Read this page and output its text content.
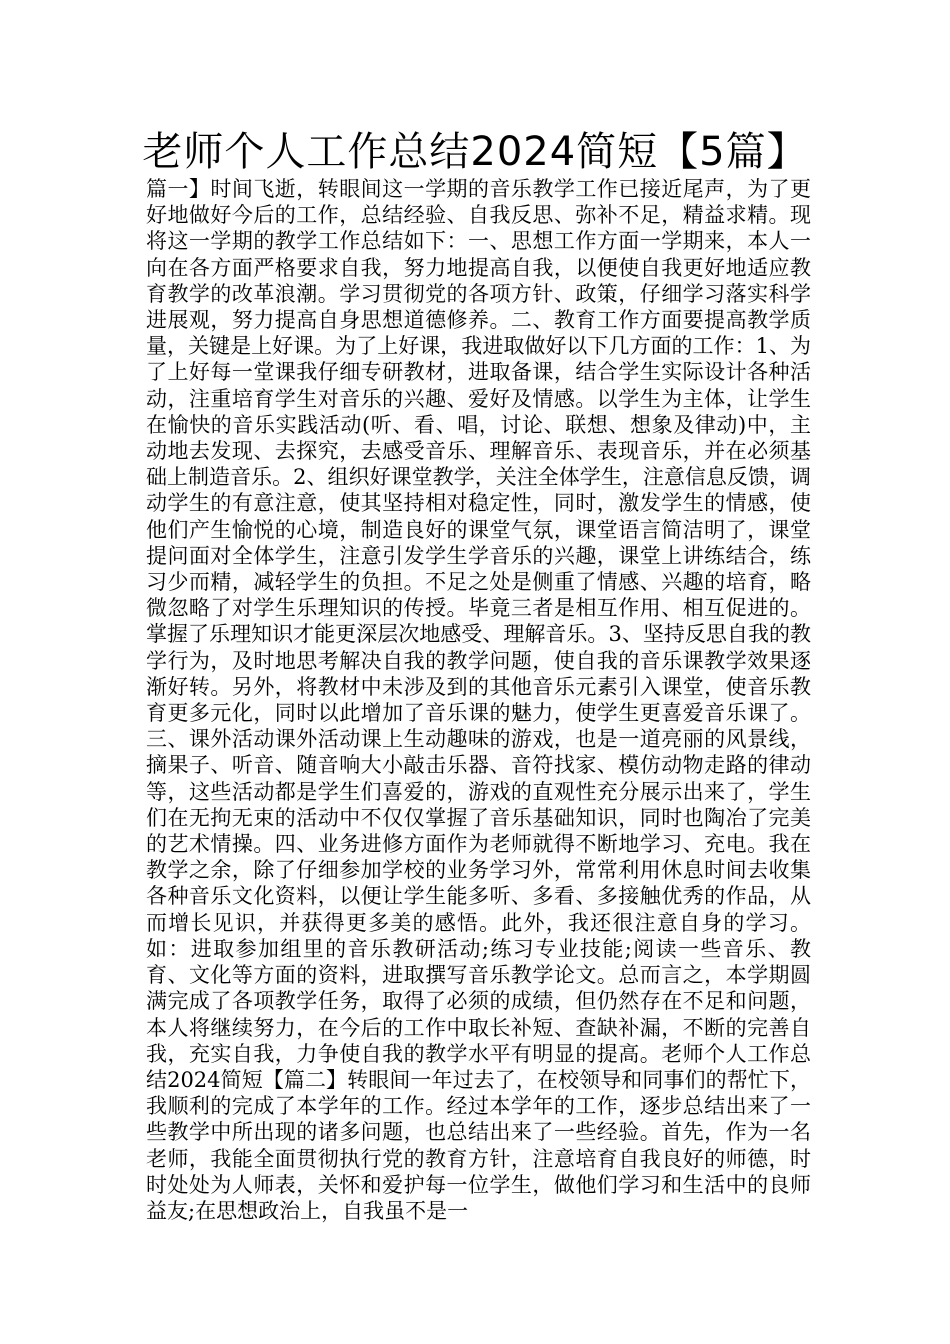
老师个人工作总结2024简短【5篇】

篇一】时间飞逝，转眼间这一学期的音乐教学工作已接近尾声，为了更好地做好今后的工作，总结经验、自我反思、弥补不足，精益求精。现将这一学期的教学工作总结如下：一、思想工作方面一学期来，本人一向在各方面严格要求自我，努力地提高自我，以便使自我更好地适应教育教学的改革浪潮。学习贯彻党的各项方针、政策，仔细学习落实科学进展观，努力提高自身思想道德修养。二、教育工作方面要提高教学质量，关键是上好课。为了上好课，我进取做好以下几方面的工作：1、为了上好每一堂课我仔细专研教材，进取备课，结合学生实际设计各种活动，注重培育学生对音乐的兴趣、爱好及情感。以学生为主体，让学生在愉快的音乐实践活动(听、看、唱，讨论、联想、想象及律动)中，主动地去发现、去探究，去感受音乐、理解音乐、表现音乐，并在必须基础上制造音乐。2、组织好课堂教学，关注全体学生，注意信息反馈，调动学生的有意注意，使其坚持相对稳定性，同时，激发学生的情感，使他们产生愉悦的心境，制造良好的课堂气氛，课堂语言简洁明了，课堂提问面对全体学生，注意引发学生学音乐的兴趣，课堂上讲练结合，练习少而精，减轻学生的负担。不足之处是侧重了情感、兴趣的培育，略微忽略了对学生乐理知识的传授。毕竟三者是相互作用、相互促进的。掌握了乐理知识才能更深层次地感受、理解音乐。3、坚持反思自我的教学行为，及时地思考解决自我的教学问题，使自我的音乐课教学效果逐渐好转。另外，将教材中未涉及到的其他音乐元素引入课堂，使音乐教育更多元化，同时以此增加了音乐课的魅力，使学生更喜爱音乐课了。三、课外活动课外活动课上生动趣味的游戏，也是一道亮丽的风景线，摘果子、听音、随音响大小敲击乐器、音符找家、模仿动物走路的律动等，这些活动都是学生们喜爱的，游戏的直观性充分展示出来了，学生们在无拘无束的活动中不仅仅掌握了音乐基础知识，同时也陶冶了完美的艺术情操。四、业务进修方面作为老师就得不断地学习、充电。我在教学之余，除了仔细参加学校的业务学习外，常常利用休息时间去收集各种音乐文化资料，以便让学生能多听、多看、多接触优秀的作品，从而增长见识，并获得更多美的感悟。此外，我还很注意自身的学习。如：进取参加组里的音乐教研活动;练习专业技能;阅读一些音乐、教育、文化等方面的资料，进取撰写音乐教学论文。总而言之，本学期圆满完成了各项教学任务，取得了必须的成绩，但仍然存在不足和问题，本人将继续努力，在今后的工作中取长补短、查缺补漏，不断的完善自我，充实自我，力争使自我的教学水平有明显的提高。老师个人工作总结2024简短【篇二】转眼间一年过去了，在校领导和同事们的帮忙下，我顺利的完成了本学年的工作。经过本学年的工作，逐步总结出来了一些教学中所出现的诸多问题，也总结出来了一些经验。首先，作为一名老师，我能全面贯彻执行党的教育方针，注意培育自我良好的师德，时时处处为人师表，关怀和爱护每一位学生，做他们学习和生活中的良师益友;在思想政治上，自我虽不是一
